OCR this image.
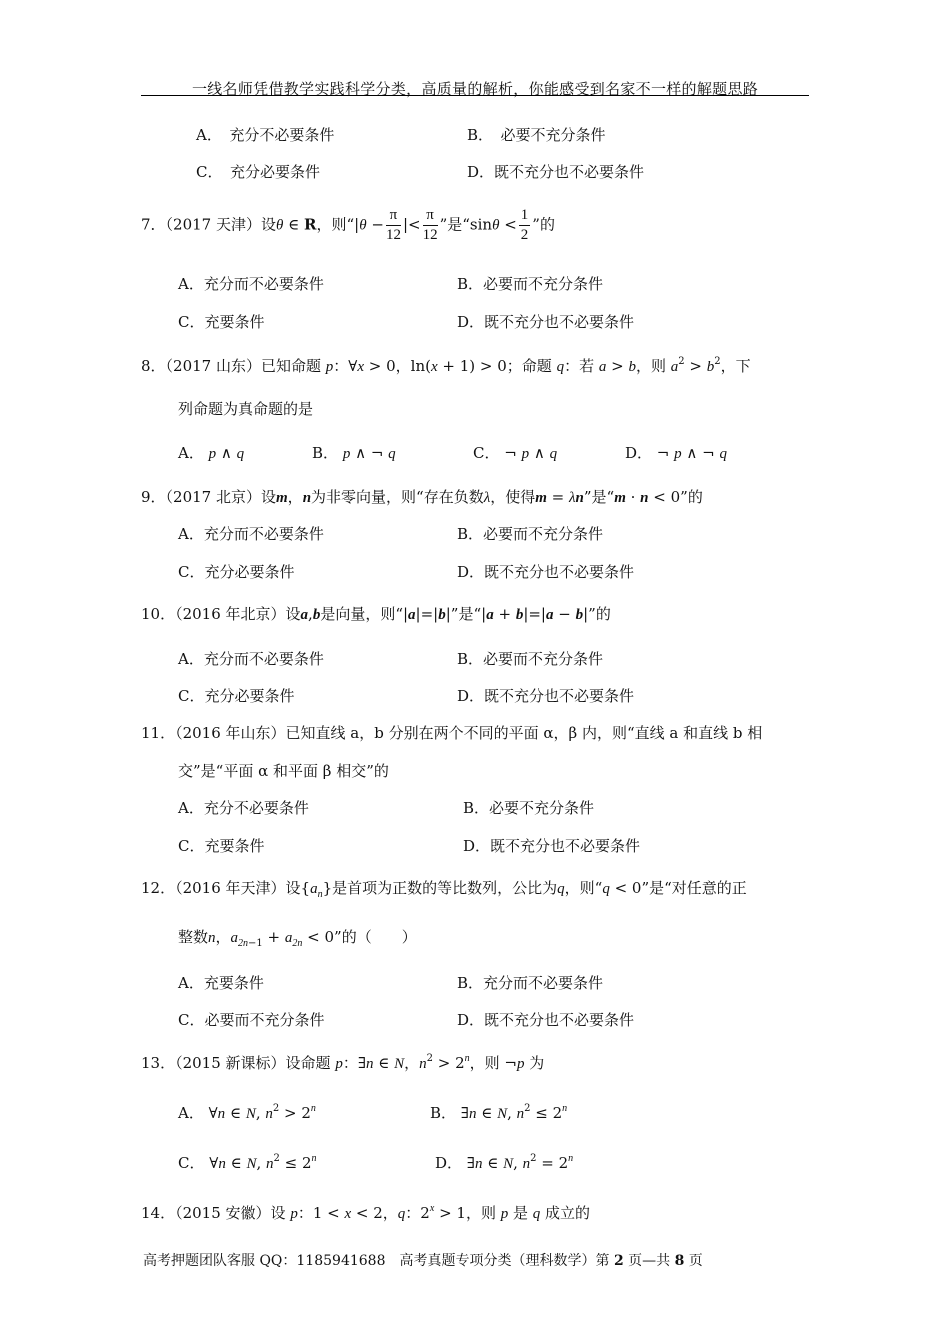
一线名师凭借教学实践科学分类，高质量的解析，你能感受到名家不一样的解题思路
A．　充分不必要条件	B．　必要不充分条件
C．　充分必要条件	D．既不充分也不必要条件
7．（2017 天津）设θ ∈ R，则“$|\theta - \frac{\pi}{12}$ |< $\frac{\pi}{12}$ ”是“$\sin\theta < \frac{1}{2}$ ”的
A．充分而不必要条件	B．必要而不充分条件
C．充要条件	D．既不充分也不必要条件
8．（2017 山东）已知命题 p：∀x > 0，ln(x + 1) > 0；命题 q：若 a > b，则 $a^2 > b^2$，下
列命题为真命题的是
A． p ∧ q	B． p ∧ ¬ q	C． ¬ p ∧ q	D． ¬ p ∧ ¬ q
9．（2017 北京）设m，n为非零向量，则“存在负数λ，使得m = λn”是“m · n < 0”的
A．充分而不必要条件	B．必要而不充分条件
C．充分必要条件	D．既不充分也不必要条件
10．（2016 年北京）设a,b是向量，则“|a|=|b|”是“|a + b|=|a − b|”的
A．充分而不必要条件	B．必要而不充分条件
C．充分必要条件	D．既不充分也不必要条件
11．（2016 年山东）已知直线 a，b 分别在两个不同的平面 α，β 内，则“直线 a 和直线 b 相
交”是“平面 α 和平面 β 相交”的
A．充分不必要条件	B．必要不充分条件
C．充要条件	D．既不充分也不必要条件
12．（2016 年天津）设$\{a_n\}$是首项为正数的等比数列，公比为q，则“q < 0”是“对任意的正
整数n，$a_{2n-1} + a_{2n} < 0$”的（　　）
A．充要条件	B．充分而不必要条件
C．必要而不充分条件	D．既不充分也不必要条件
13．（2015 新课标）设命题 p：∃n ∈ N，$n^2 > 2^n$，则 ¬p 为
A． ∀n ∈ N, $n^2 > 2^n$	B． ∃n ∈ N, $n^2 \le 2^n$
C． ∀n ∈ N, $n^2 \le 2^n$	D． ∃n ∈ N, $n^2 = 2^n$
14．（2015 安徽）设 p：1 < x < 2，q：$2^x > 1$，则 p 是 q 成立的
高考押题团队客服 QQ：1185941688　高考真题专项分类（理科数学）第 2 页—共 8 页
